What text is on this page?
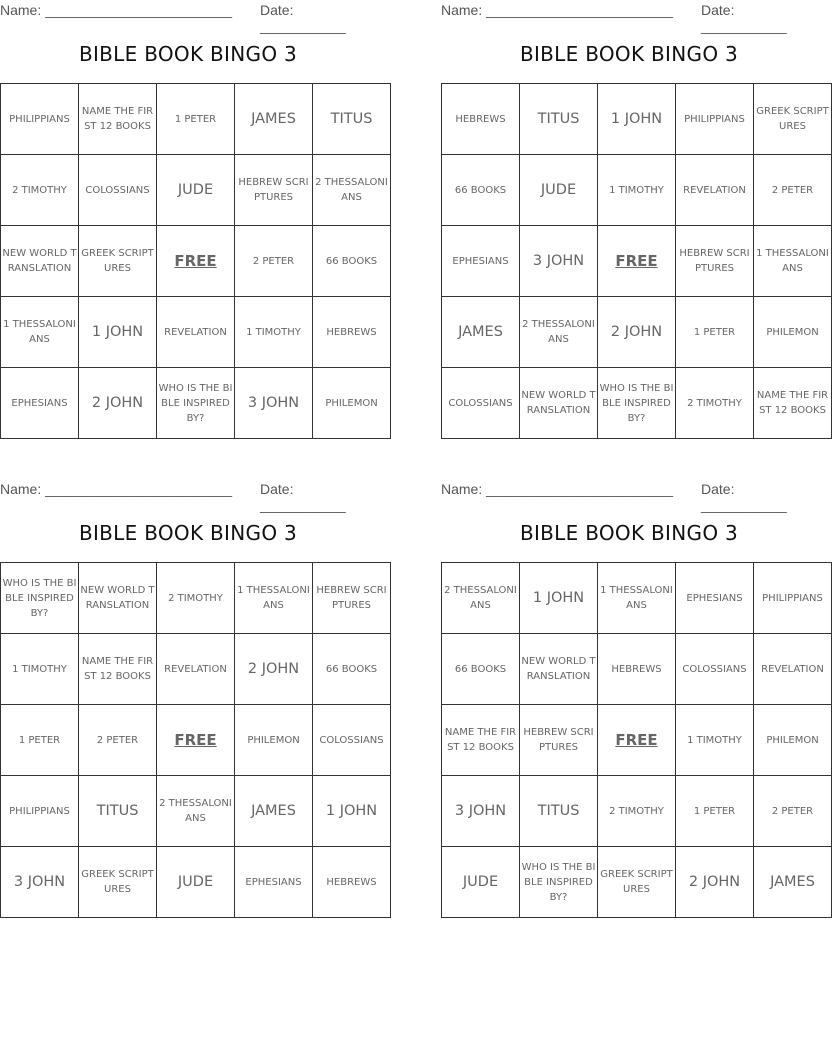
Name: ________________________ Date: ___________
BIBLE BOOK BINGO 3
PHILIPPIANS	NAME THE FIRST 12 BOOKS	1 PETER	JAMES	TITUS
2 TIMOTHY	COLOSSIANS	JUDE	HEBREW SCRIPTURES	2 THESSALONIANS
NEW WORLD TRANSLATION	GREEK SCRIPTURES	FREE	2 PETER	66 BOOKS
1 THESSALONIANS	1 JOHN	REVELATION	1 TIMOTHY	HEBREWS
EPHESIANS	2 JOHN	WHO IS THE BIBLE INSPIRED BY?	3 JOHN	PHILEMON
Name: ________________________ Date: ___________
BIBLE BOOK BINGO 3
HEBREWS	TITUS	1 JOHN	PHILIPPIANS	GREEK SCRIPTURES
66 BOOKS	JUDE	1 TIMOTHY	REVELATION	2 PETER
EPHESIANS	3 JOHN	FREE	HEBREW SCRIPTURES	1 THESSALONIANS
JAMES	2 THESSALONIANS	2 JOHN	1 PETER	PHILEMON
COLOSSIANS	NEW WORLD TRANSLATION	WHO IS THE BIBLE INSPIRED BY?	2 TIMOTHY	NAME THE FIRST 12 BOOKS
Name: ________________________ Date: ___________
BIBLE BOOK BINGO 3
WHO IS THE BIBLE INSPIRED BY?	NEW WORLD TRANSLATION	2 TIMOTHY	1 THESSALONIANS	HEBREW SCRIPTURES
1 TIMOTHY	NAME THE FIRST 12 BOOKS	REVELATION	2 JOHN	66 BOOKS
1 PETER	2 PETER	FREE	PHILEMON	COLOSSIANS
PHILIPPIANS	TITUS	2 THESSALONIANS	JAMES	1 JOHN
3 JOHN	GREEK SCRIPTURES	JUDE	EPHESIANS	HEBREWS
Name: ________________________ Date: ___________
BIBLE BOOK BINGO 3
2 THESSALONIANS	1 JOHN	1 THESSALONIANS	EPHESIANS	PHILIPPIANS
66 BOOKS	NEW WORLD TRANSLATION	HEBREWS	COLOSSIANS	REVELATION
NAME THE FIRST 12 BOOKS	HEBREW SCRIPTURES	FREE	1 TIMOTHY	PHILEMON
3 JOHN	TITUS	2 TIMOTHY	1 PETER	2 PETER
JUDE	WHO IS THE BIBLE INSPIRED BY?	GREEK SCRIPTURES	2 JOHN	JAMES
